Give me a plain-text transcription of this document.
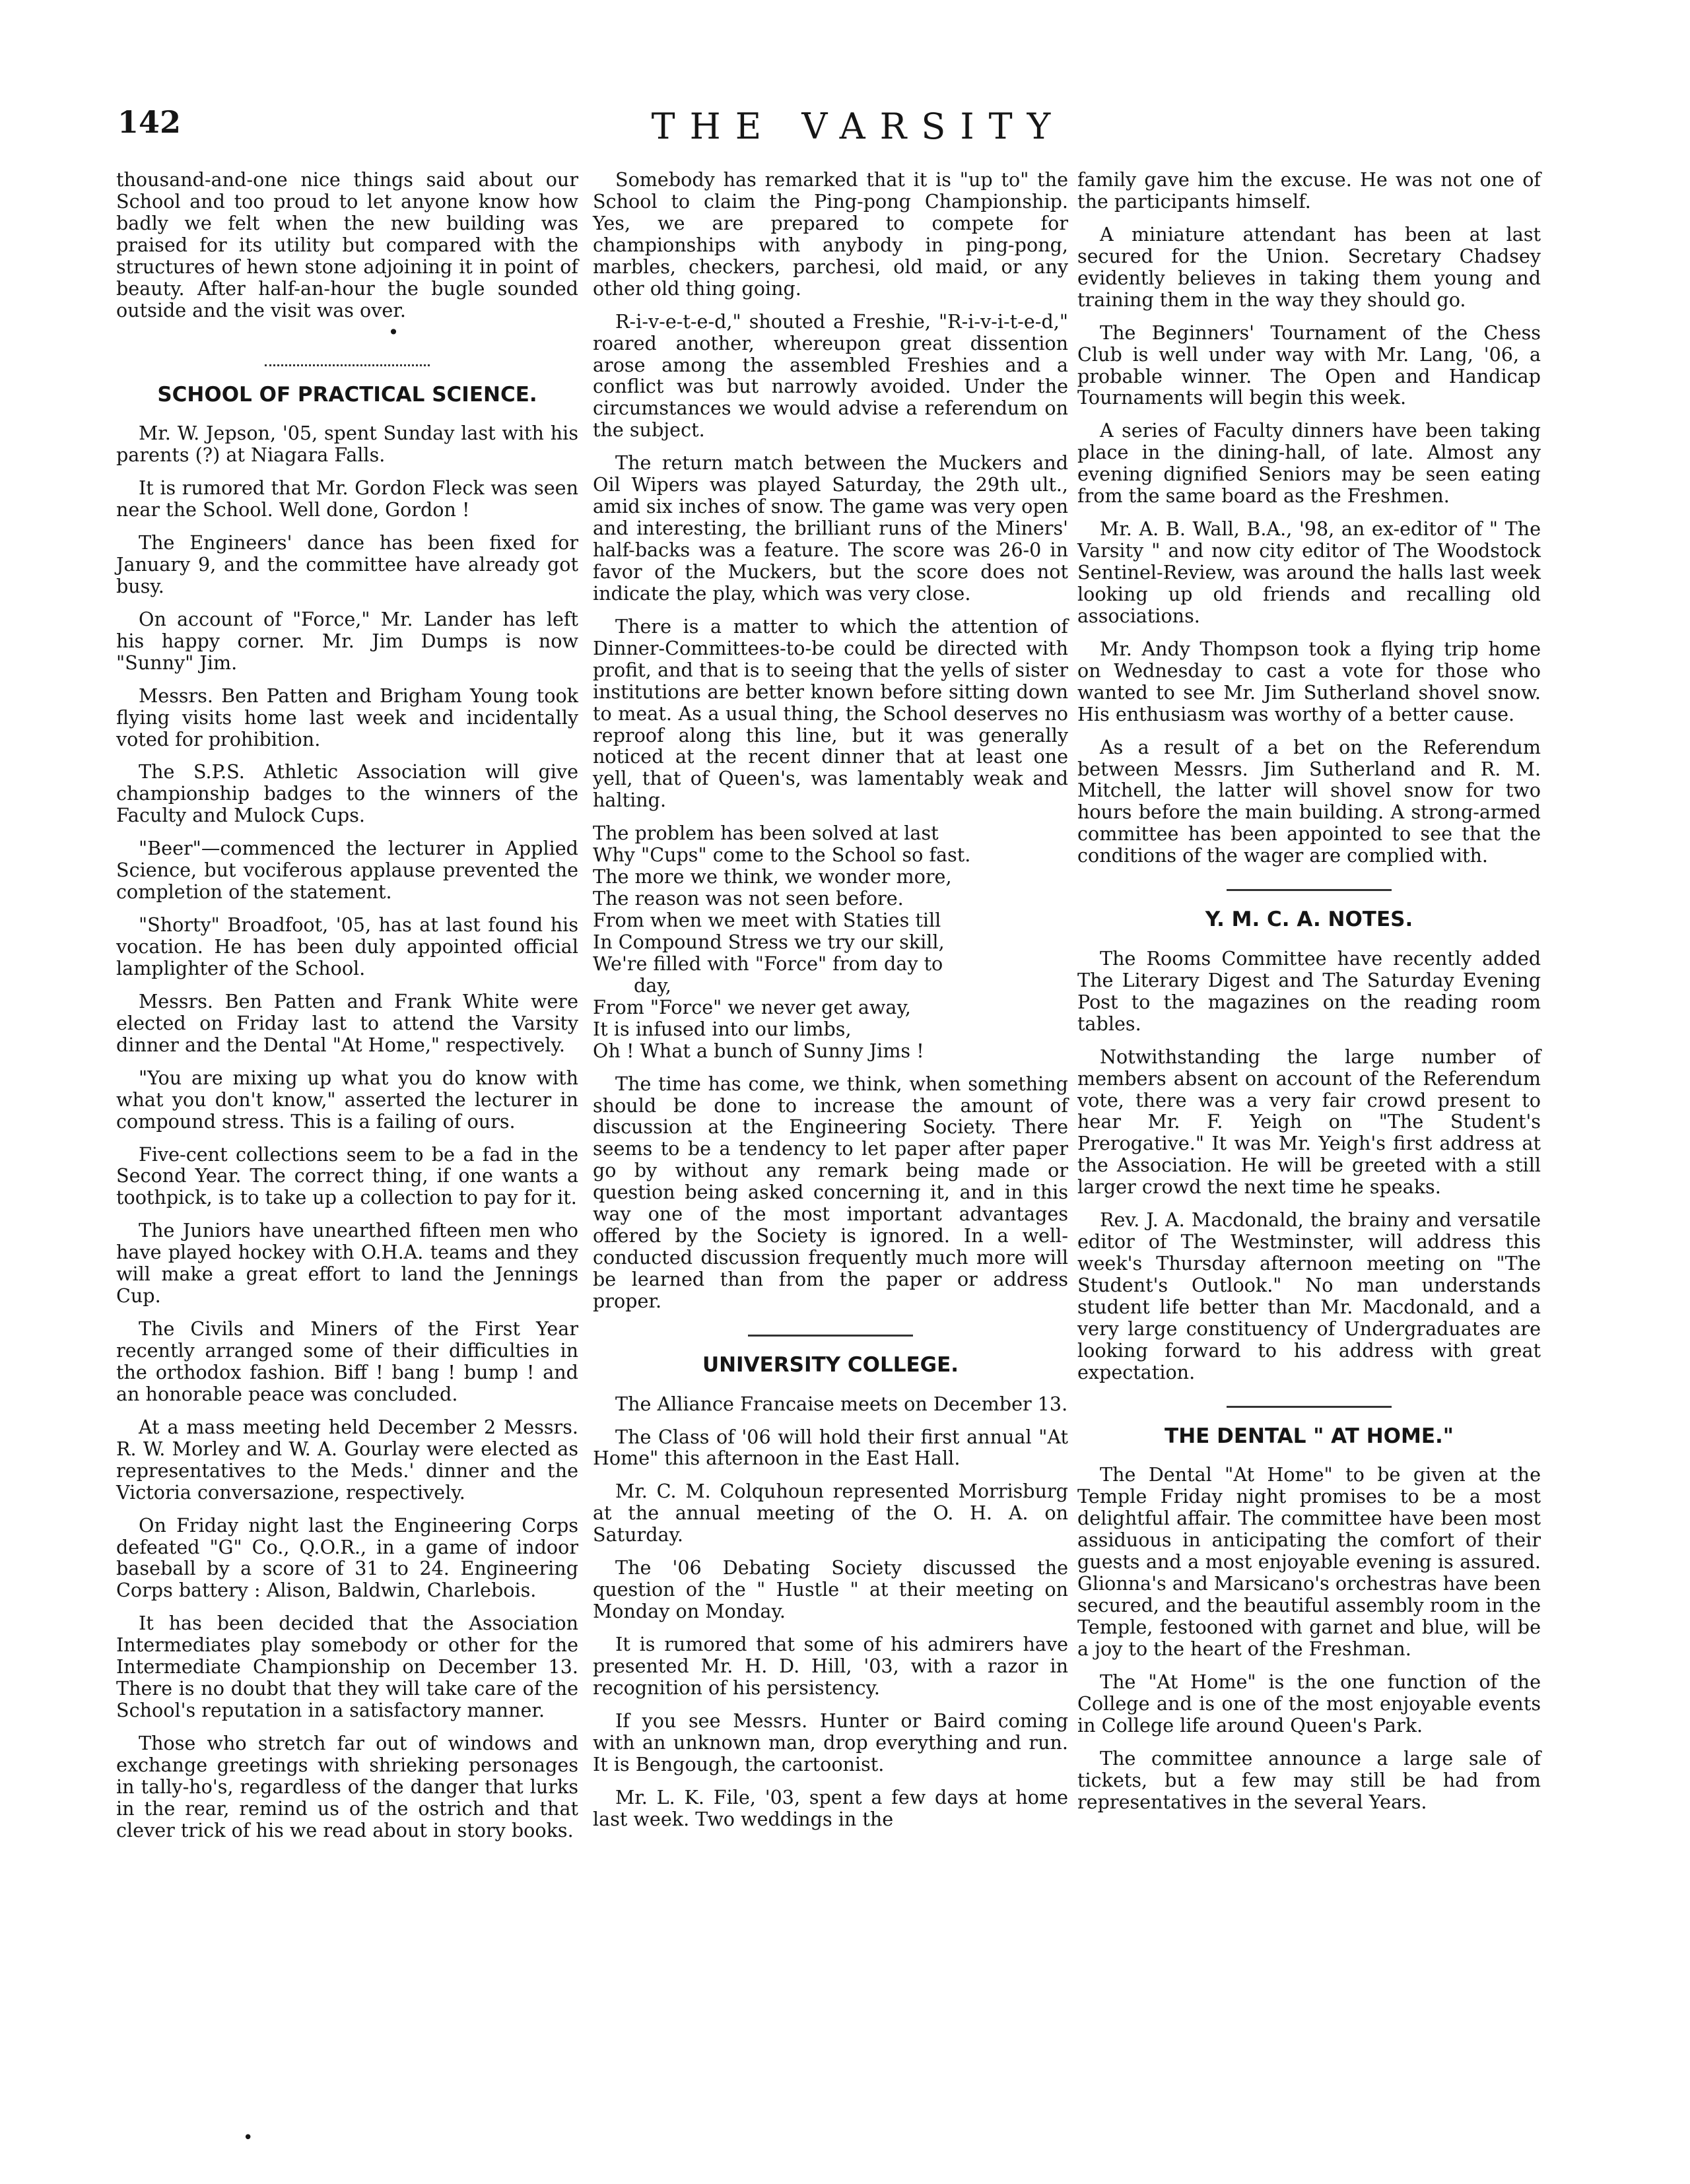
142	THE VARSITY

thousand-and-one nice things said about our School and too proud to let anyone know how badly we felt when the new building was praised for its utility but compared with the structures of hewn stone adjoining it in point of beauty. After half-an-hour the bugle sounded outside and the visit was over.

•
SCHOOL OF PRACTICAL SCIENCE.

Mr. W. Jepson, '05, spent Sunday last with his parents (?) at Niagara Falls.

It is rumored that Mr. Gordon Fleck was seen near the School. Well done, Gordon !

The Engineers' dance has been fixed for January 9, and the committee have already got busy.

On account of "Force," Mr. Lander has left his happy corner. Mr. Jim Dumps is now "Sunny" Jim.

Messrs. Ben Patten and Brigham Young took flying visits home last week and incidentally voted for prohibition.

The S.P.S. Athletic Association will give championship badges to the winners of the Faculty and Mulock Cups.

"Beer"—commenced the lecturer in Applied Science, but vociferous applause prevented the completion of the statement.

"Shorty" Broadfoot, '05, has at last found his vocation. He has been duly appointed official lamplighter of the School.

Messrs. Ben Patten and Frank White were elected on Friday last to attend the Varsity dinner and the Dental "At Home," respectively.

"You are mixing up what you do know with what you don't know," asserted the lecturer in compound stress. This is a failing of ours.

Five-cent collections seem to be a fad in the Second Year. The correct thing, if one wants a toothpick, is to take up a collection to pay for it.

The Juniors have unearthed fifteen men who have played hockey with O.H.A. teams and they will make a great effort to land the Jennings Cup.

The Civils and Miners of the First Year recently arranged some of their difficulties in the orthodox fashion. Biff ! bang ! bump ! and an honorable peace was concluded.

At a mass meeting held December 2 Messrs. R. W. Morley and W. A. Gourlay were elected as representatives to the Meds.' dinner and the Victoria conversazione, respectively.

On Friday night last the Engineering Corps defeated "G" Co., Q.O.R., in a game of indoor baseball by a score of 31 to 24. Engineering Corps battery : Alison, Baldwin, Charlebois.

It has been decided that the Association Intermediates play somebody or other for the Intermediate Championship on December 13. There is no doubt that they will take care of the School's reputation in a satisfactory manner.

Those who stretch far out of windows and exchange greetings with shrieking personages in tally-ho's, regardless of the danger that lurks in the rear, remind us of the ostrich and that clever trick of his we read about in story books.

Somebody has remarked that it is "up to" the School to claim the Ping-pong Championship. Yes, we are prepared to compete for championships with anybody in ping-pong, marbles, checkers, parchesi, old maid, or any other old thing going.

R-i-v-e-t-e-d," shouted a Freshie, "R-i-v-i-t-e-d," roared another, whereupon great dissention arose among the assembled Freshies and a conflict was but narrowly avoided. Under the circumstances we would advise a referendum on the subject.

The return match between the Muckers and Oil Wipers was played Saturday, the 29th ult., amid six inches of snow. The game was very open and interesting, the brilliant runs of the Miners' half-backs was a feature. The score was 26-0 in favor of the Muckers, but the score does not indicate the play, which was very close.

There is a matter to which the attention of Dinner-Committees-to-be could be directed with profit, and that is to seeing that the yells of sister institutions are better known before sitting down to meat. As a usual thing, the School deserves no reproof along this line, but it was generally noticed at the recent dinner that at least one yell, that of Queen's, was lamentably weak and halting.

The problem has been solved at last
Why "Cups" come to the School so fast.
The more we think, we wonder more,
The reason was not seen before.
From when we meet with Staties till
In Compound Stress we try our skill,
We're filled with "Force" from day to
day,
From "Force" we never get away,
It is infused into our limbs,
Oh ! What a bunch of Sunny Jims !

The time has come, we think, when something should be done to increase the amount of discussion at the Engineering Society. There seems to be a tendency to let paper after paper go by without any remark being made or question being asked concerning it, and in this way one of the most important advantages offered by the Society is ignored. In a well-conducted discussion frequently much more will be learned than from the paper or address proper.

UNIVERSITY COLLEGE.

The Alliance Francaise meets on December 13.

The Class of '06 will hold their first annual "At Home" this afternoon in the East Hall.

Mr. C. M. Colquhoun represented Morrisburg at the annual meeting of the O. H. A. on Saturday.

The '06 Debating Society discussed the question of the " Hustle " at their meeting on Monday on Monday.

It is rumored that some of his admirers have presented Mr. H. D. Hill, '03, with a razor in recognition of his persistency.

If you see Messrs. Hunter or Baird coming with an unknown man, drop everything and run. It is Bengough, the cartoonist.

Mr. L. K. File, '03, spent a few days at home last week. Two weddings in the

family gave him the excuse. He was not one of the participants himself.

A miniature attendant has been at last secured for the Union. Secretary Chadsey evidently believes in taking them young and training them in the way they should go.

The Beginners' Tournament of the Chess Club is well under way with Mr. Lang, '06, a probable winner. The Open and Handicap Tournaments will begin this week.

A series of Faculty dinners have been taking place in the dining-hall, of late. Almost any evening dignified Seniors may be seen eating from the same board as the Freshmen.

Mr. A. B. Wall, B.A., '98, an ex-editor of " The Varsity " and now city editor of The Woodstock Sentinel-Review, was around the halls last week looking up old friends and recalling old associations.

Mr. Andy Thompson took a flying trip home on Wednesday to cast a vote for those who wanted to see Mr. Jim Sutherland shovel snow. His enthusiasm was worthy of a better cause.

As a result of a bet on the Referendum between Messrs. Jim Sutherland and R. M. Mitchell, the latter will shovel snow for two hours before the main building. A strong-armed committee has been appointed to see that the conditions of the wager are complied with.

Y. M. C. A. NOTES.

The Rooms Committee have recently added The Literary Digest and The Saturday Evening Post to the magazines on the reading room tables.

Notwithstanding the large number of members absent on account of the Referendum vote, there was a very fair crowd present to hear Mr. F. Yeigh on "The Student's Prerogative." It was Mr. Yeigh's first address at the Association. He will be greeted with a still larger crowd the next time he speaks.

Rev. J. A. Macdonald, the brainy and versatile editor of The Westminster, will address this week's Thursday afternoon meeting on "The Student's Outlook." No man understands student life better than Mr. Macdonald, and a very large constituency of Undergraduates are looking forward to his address with great expectation.

THE DENTAL " AT HOME."

The Dental "At Home" to be given at the Temple Friday night promises to be a most delightful affair. The committee have been most assiduous in anticipating the comfort of their guests and a most enjoyable evening is assured. Glionna's and Marsicano's orchestras have been secured, and the beautiful assembly room in the Temple, festooned with garnet and blue, will be a joy to the heart of the Freshman.

The "At Home" is the one function of the College and is one of the most enjoyable events in College life around Queen's Park.

The committee announce a large sale of tickets, but a few may still be had from representatives in the several Years.

•
